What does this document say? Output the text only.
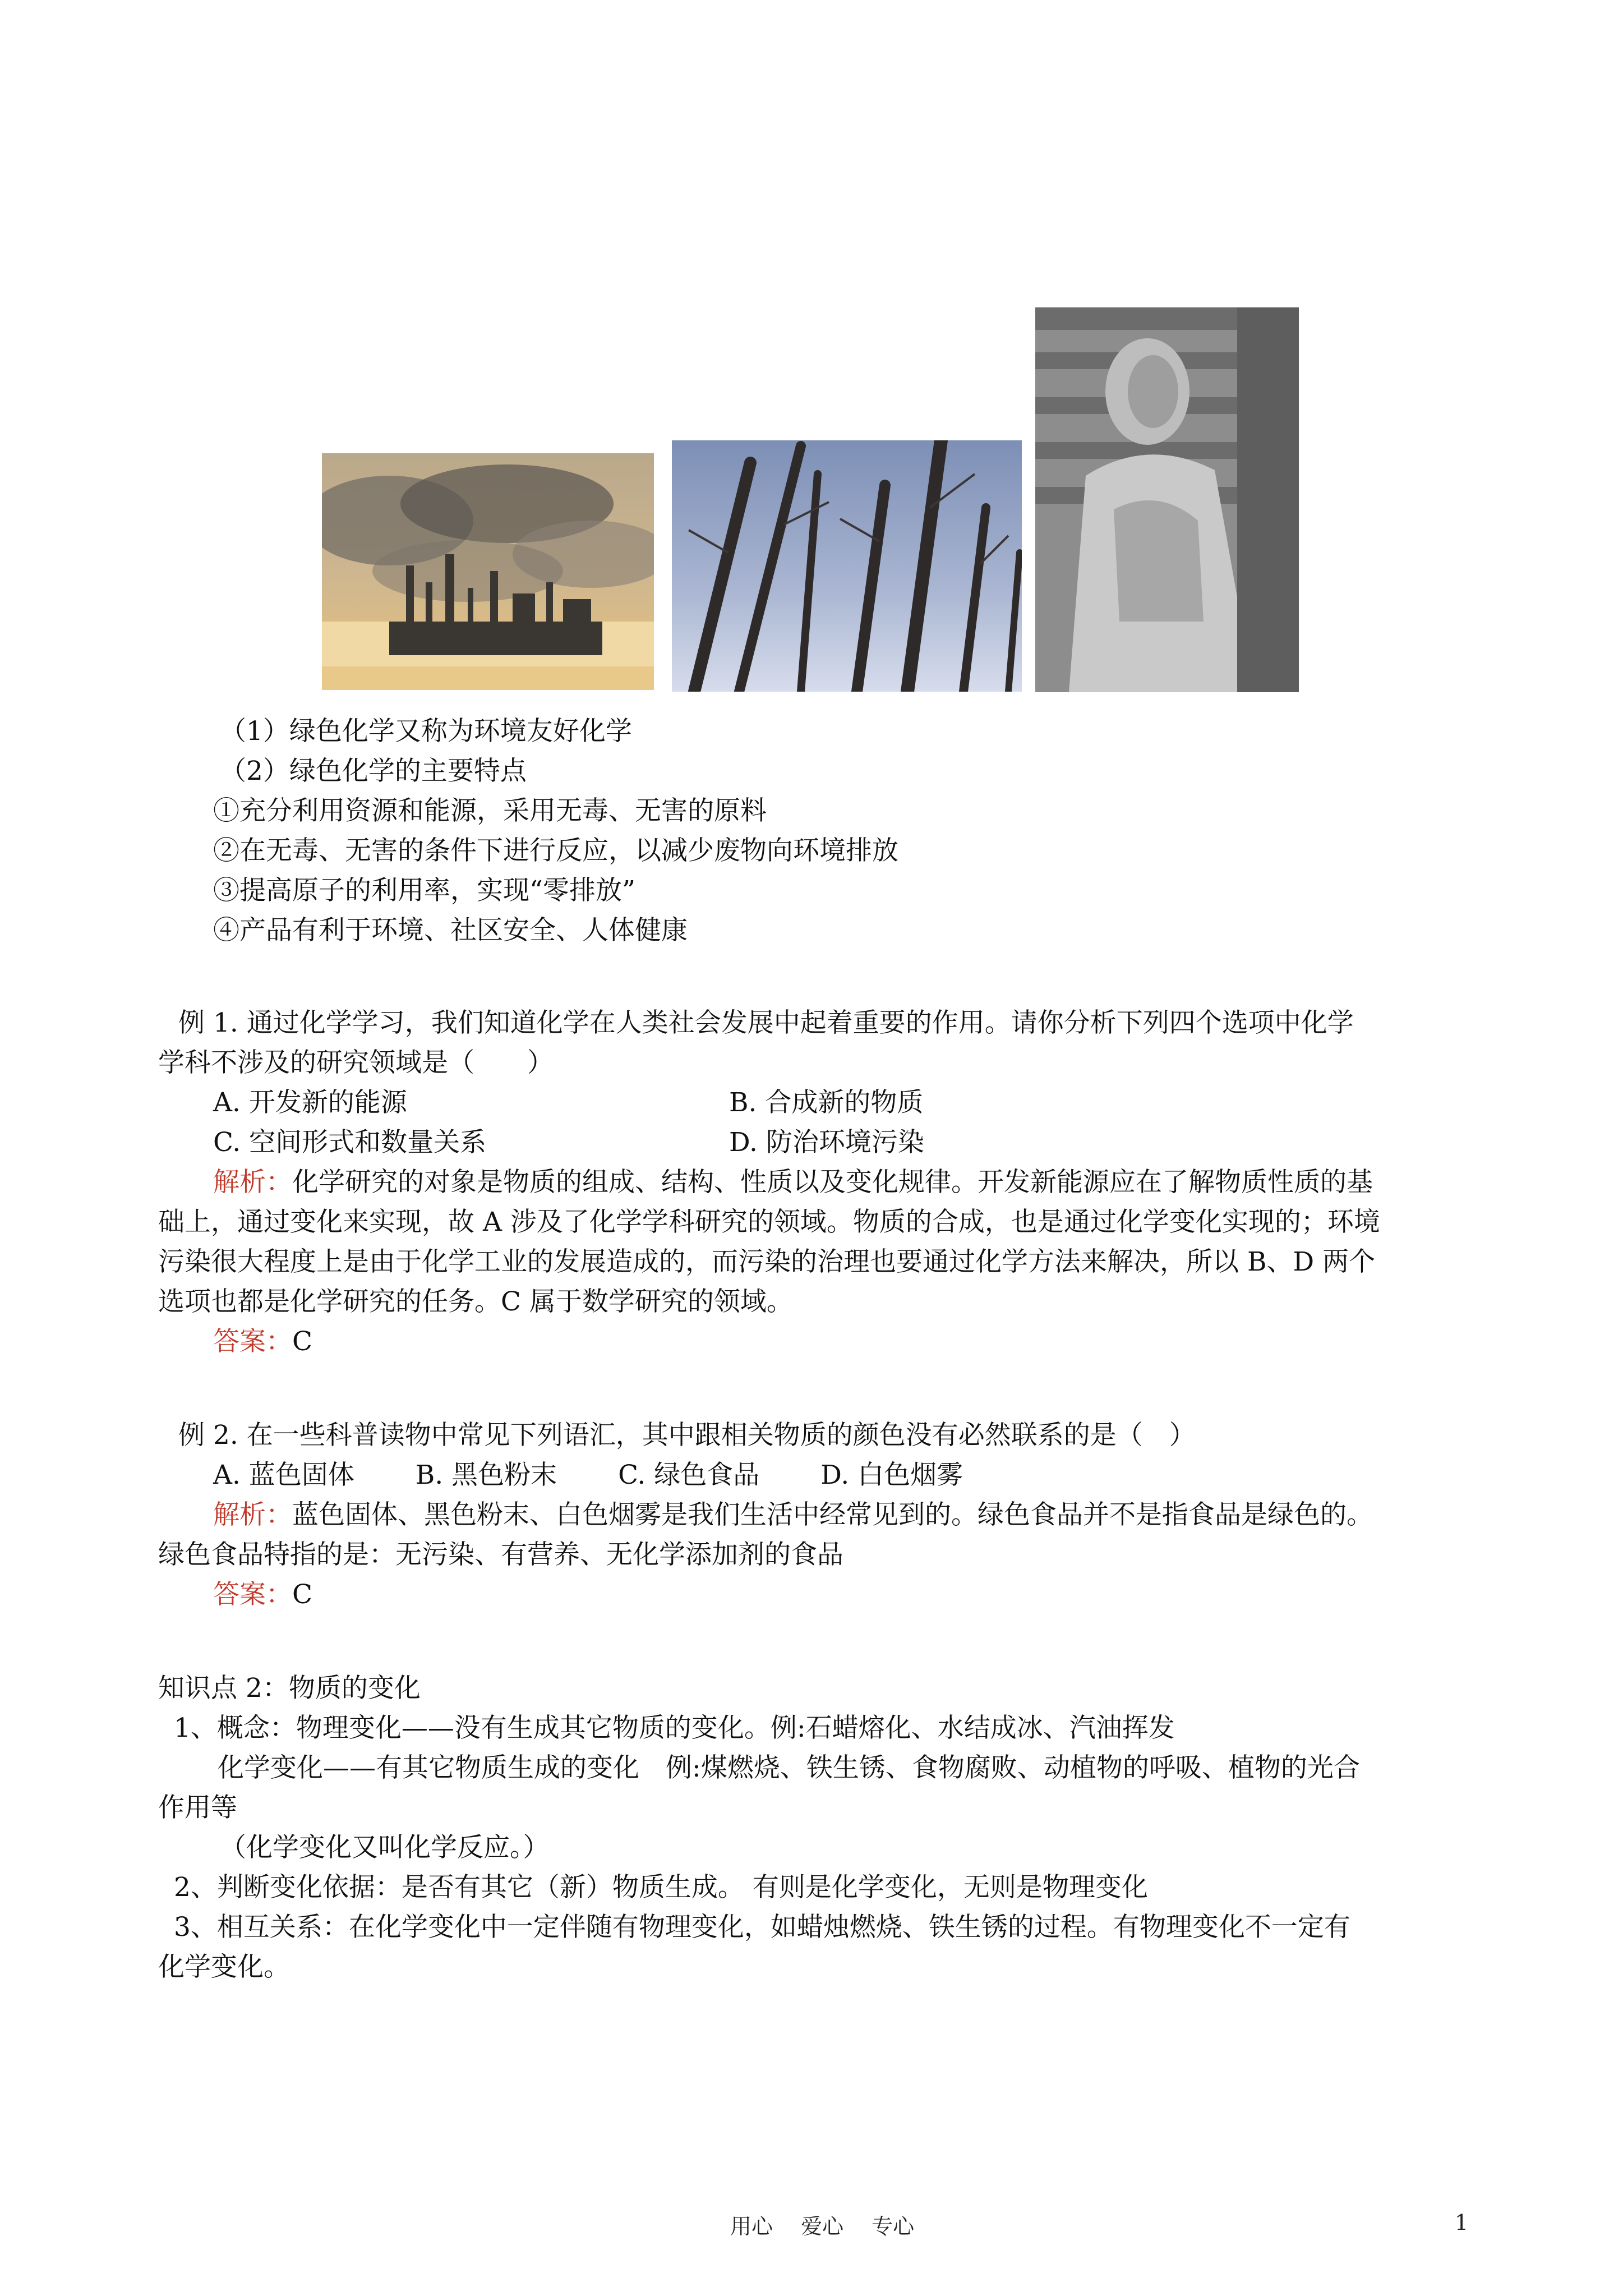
（1）绿色化学又称为环境友好化学
（2）绿色化学的主要特点
①充分利用资源和能源，采用无毒、无害的原料
②在无毒、无害的条件下进行反应，以减少废物向环境排放
③提高原子的利用率，实现“零排放”
④产品有利于环境、社区安全、人体健康
例 1. 通过化学学习，我们知道化学在人类社会发展中起着重要的作用。请你分析下列四个选项中化学
学科不涉及的研究领域是（　　）
A. 开发新的能源	B. 合成新的物质
C. 空间形式和数量关系	D. 防治环境污染
解析：化学研究的对象是物质的组成、结构、性质以及变化规律。开发新能源应在了解物质性质的基
础上，通过变化来实现，故 A 涉及了化学学科研究的领域。物质的合成，也是通过化学变化实现的；环境
污染很大程度上是由于化学工业的发展造成的，而污染的治理也要通过化学方法来解决，所以 B、D 两个
选项也都是化学研究的任务。C 属于数学研究的领域。
答案：C
例 2. 在一些科普读物中常见下列语汇，其中跟相关物质的颜色没有必然联系的是（　）
A. 蓝色固体　　 B. 黑色粉末　　 C. 绿色食品　　 D. 白色烟雾
解析：蓝色固体、黑色粉末、白色烟雾是我们生活中经常见到的。绿色食品并不是指食品是绿色的。
绿色食品特指的是：无污染、有营养、无化学添加剂的食品
答案：C
知识点 2：物质的变化
1、概念：物理变化——没有生成其它物质的变化。例:石蜡熔化、水结成冰、汽油挥发
化学变化——有其它物质生成的变化　例:煤燃烧、铁生锈、食物腐败、动植物的呼吸、植物的光合
作用等
（化学变化又叫化学反应。）
2、判断变化依据：是否有其它（新）物质生成。 有则是化学变化，无则是物理变化
3、相互关系：在化学变化中一定伴随有物理变化，如蜡烛燃烧、铁生锈的过程。有物理变化不一定有
化学变化。
用心　 爱心　 专心	1
